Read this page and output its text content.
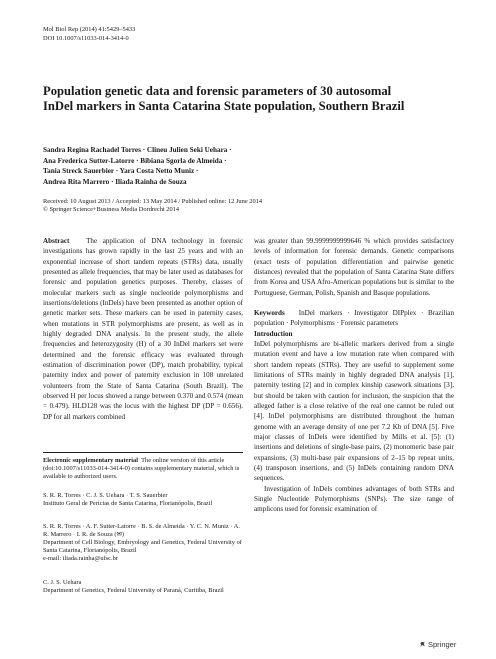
Mol Biol Rep (2014) 41:5429–5433
DOI 10.1007/s11033-014-3414-0
Population genetic data and forensic parameters of 30 autosomal InDel markers in Santa Catarina State population, Southern Brazil
Sandra Regina Rachadel Torres · Clineu Julien Seki Uehara ·
Ana Frederica Sutter-Latorre · Bibiana Sgorla de Almeida ·
Tania Streck Sauerbier · Yara Costa Netto Muniz ·
Andrea Rita Marrero · Iliada Rainha de Souza
Received: 10 August 2013 / Accepted: 13 May 2014 / Published online: 12 June 2014
© Springer Science+Business Media Dordrecht 2014

Abstract The application of DNA technology in forensic investigations has grown rapidly in the last 25 years and with an exponential increase of short tandem repeats (STRs) data, usually presented as allele frequencies, that may be later used as databases for forensic and population genetics purposes. Thereby, classes of molecular markers such as single nucleotide polymorphisms and insertions/deletions (InDels) have been presented as another option of genetic marker sets. These markers can be used in paternity cases, when mutations in STR polymorphisms are present, as well as in highly degraded DNA analysis. In the present study, the allele frequencies and heterozygosity (H) of a 30 InDel markers set were determined and the forensic efficacy was evaluated through estimation of discrimination power (DP), match probability, typical paternity index and power of paternity exclusion in 108 unrelated volunteers from the State of Santa Catarina (South Brazil). The observed H per locus showed a range between 0.370 and 0.574 (mean = 0.479). HLD128 was the locus with the highest DP (DP = 0.656). DP for all markers combined

Electronic supplementary material The online version of this article (doi:10.1007/s11033-014-3414-0) contains supplementary material, which is available to authorized users.
S. R. R. Torres · C. J. S. Uehara · T. S. Sauerbier
Instituto Geral de Perícias de Santa Catarina, Florianópolis, Brazil
S. R. R. Torres · A. F. Sutter-Latorre · B. S. de Almeida · Y. C. N. Muniz · A. R. Marrero · I. R. de Souza (✉)
Department of Cell Biology, Embryology and Genetics, Federal University of Santa Catarina, Florianópolis, Brazil
e-mail: iliada.rainha@ufsc.br
C. J. S. Uehara
Department of Genetics, Federal University of Paraná, Curitiba, Brazil

was greater than 99.9999999999646 % which provides satisfactory levels of information for forensic demands. Genetic comparisons (exact tests of population differentiation and pairwise genetic distances) revealed that the population of Santa Catarina State differs from Korea and USA Afro-American populations but is similar to the Portuguese, German, Polish, Spanish and Basque populations.

Keywords InDel markers · Investigator DIPplex · Brazilian population · Polymorphisms · Forensic parameters

Introduction

InDel polymorphisms are bi-allelic markers derived from a single mutation event and have a low mutation rate when compared with short tandem repeats (STRs). They are useful to supplement some limitations of STRs mainly in highly degraded DNA analysis [1], paternity testing [2] and in complex kinship casework situations [3], but should be taken with caution for inclusion, the suspicion that the alleged father is a close relative of the real one cannot be ruled out [4]. InDel polymorphisms are distributed throughout the human genome with an average density of one per 7.2 Kb of DNA [5]. Five major classes of InDels were identified by Mills et al. [5]: (1) insertions and deletions of single-base pairs, (2) monomeric base pair expansions, (3) multi-base pair expansions of 2–15 bp repeat units, (4) transposon insertions, and (5) InDels containing random DNA sequences.

Investigation of InDels combines advantages of both STRs and Single Nucleotide Polymorphisms (SNPs). The size range of amplicons used for forensic examination of

Springer
